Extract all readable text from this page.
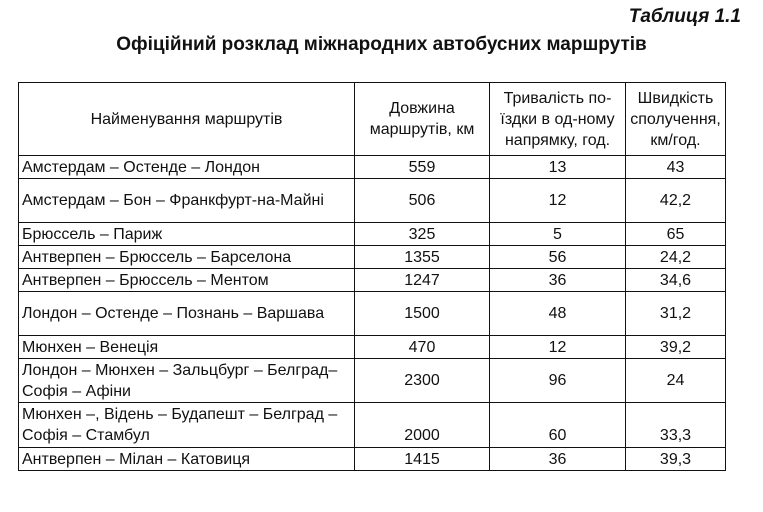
Таблиця 1.1
Офіційний розклад міжнародних автобусних маршрутів
Найменування маршрутів	Довжина маршрутів, км	Тривалість по-їздки в од-ному напрямку, год.	Швидкість сполучення, км/год.
Амстердам – Остенде – Лондон	559	13	43
Амстердам – Бон – Франкфурт-на-Майні	506	12	42,2
Брюссель – Париж	325	5	65
Антверпен – Брюссель – Барселона	1355	56	24,2
Антверпен – Брюссель – Ментом	1247	36	34,6
Лондон – Остенде – Познань – Варшава	1500	48	31,2
Мюнхен – Венеція	470	12	39,2
Лондон – Мюнхен – Зальцбург – Белград– Софія – Афіни	2300	96	24
Мюнхен –, Відень – Будапешт – Белград – Софія – Стамбул	2000	60	33,3
Антверпен – Мілан – Катовиця	1415	36	39,3
